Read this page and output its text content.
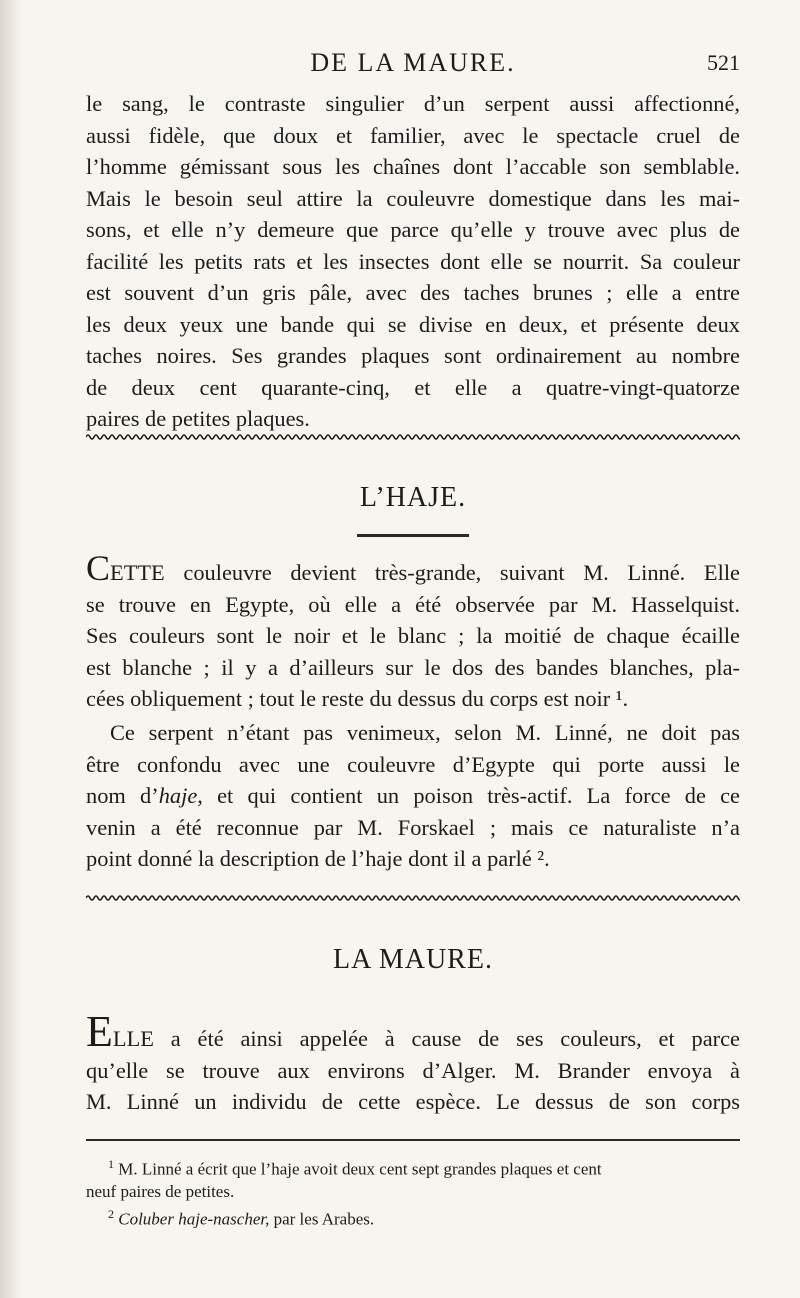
DE LA MAURE.	521

le sang, le contraste singulier d’un serpent aussi affectionné,
aussi fidèle, que doux et familier, avec le spectacle cruel de
l’homme gémissant sous les chaînes dont l’accable son semblable.
Mais le besoin seul attire la couleuvre domestique dans les mai-
sons, et elle n’y demeure que parce qu’elle y trouve avec plus de
facilité les petits rats et les insectes dont elle se nourrit. Sa couleur
est souvent d’un gris pâle, avec des taches brunes ; elle a entre
les deux yeux une bande qui se divise en deux, et présente deux
taches noires. Ses grandes plaques sont ordinairement au nombre
de deux cent quarante-cinq, et elle a quatre-vingt-quatorze
paires de petites plaques.

L’HAJE.

CETTE couleuvre devient très-grande, suivant M. Linné. Elle
se trouve en Egypte, où elle a été observée par M. Hasselquist.
Ses couleurs sont le noir et le blanc ; la moitié de chaque écaille
est blanche ; il y a d’ailleurs sur le dos des bandes blanches, pla-
cées obliquement ; tout le reste du dessus du corps est noir ¹.

Ce serpent n’étant pas venimeux, selon M. Linné, ne doit pas
être confondu avec une couleuvre d’Egypte qui porte aussi le
nom d’haje, et qui contient un poison très-actif. La force de ce
venin a été reconnue par M. Forskael ; mais ce naturaliste n’a
point donné la description de l’haje dont il a parlé ².

LA MAURE.

ELLE a été ainsi appelée à cause de ses couleurs, et parce
qu’elle se trouve aux environs d’Alger. M. Brander envoya à
M. Linné un individu de cette espèce. Le dessus de son corps

$^1$ M. Linné a écrit que l’haje avoit deux cent sept grandes plaques et cent
neuf paires de petites.
$^2$ Coluber haje-nascher, par les Arabes.
